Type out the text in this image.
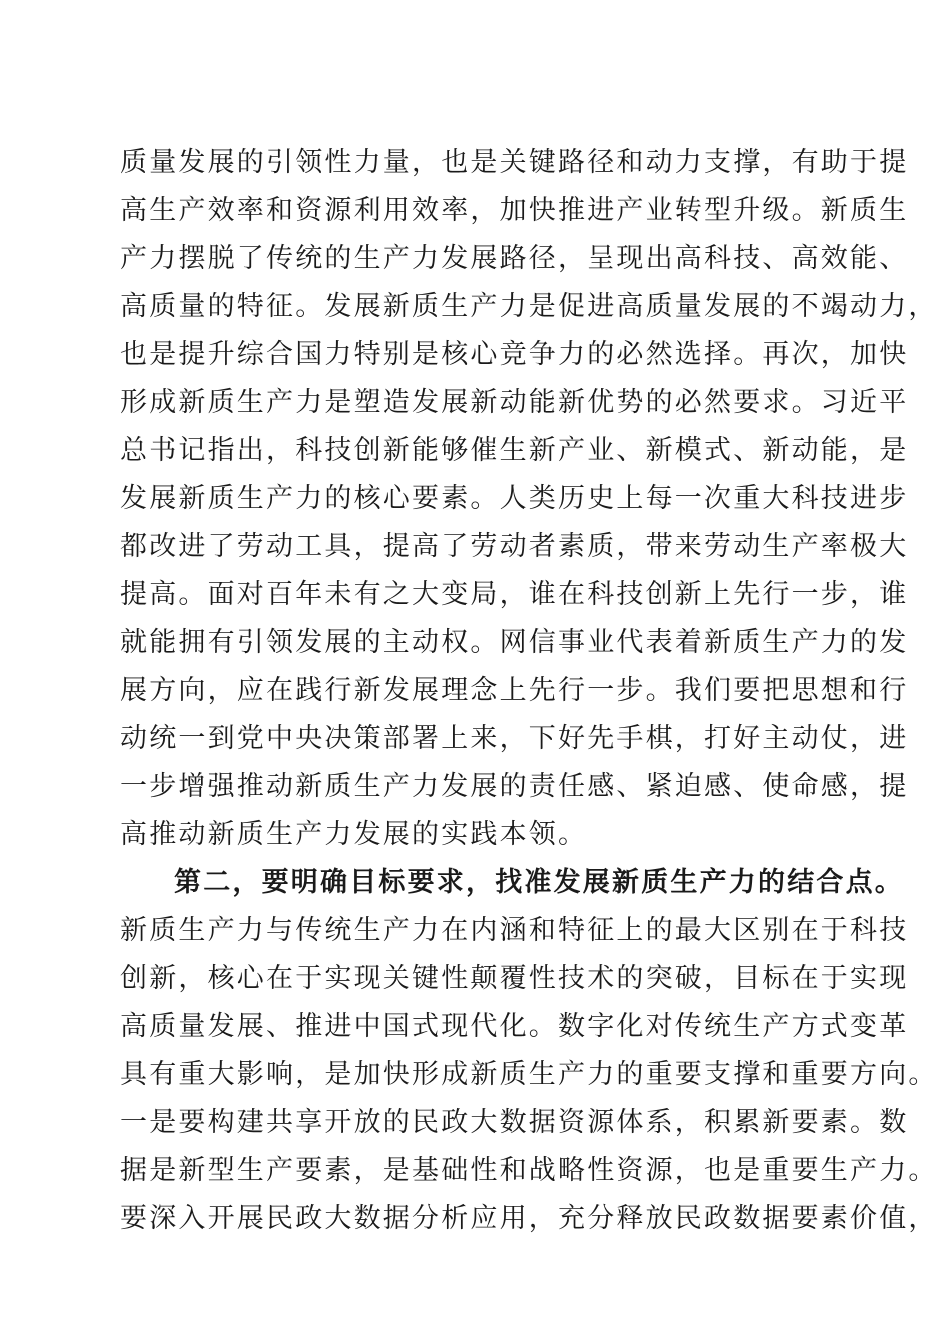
质量发展的引领性力量，也是关键路径和动力支撑，有助于提
高生产效率和资源利用效率，加快推进产业转型升级。新质生
产力摆脱了传统的生产力发展路径，呈现出高科技、高效能、
高质量的特征。发展新质生产力是促进高质量发展的不竭动力，
也是提升综合国力特别是核心竞争力的必然选择。再次，加快
形成新质生产力是塑造发展新动能新优势的必然要求。习近平
总书记指出，科技创新能够催生新产业、新模式、新动能，是
发展新质生产力的核心要素。人类历史上每一次重大科技进步
都改进了劳动工具，提高了劳动者素质，带来劳动生产率极大
提高。面对百年未有之大变局，谁在科技创新上先行一步，谁
就能拥有引领发展的主动权。网信事业代表着新质生产力的发
展方向，应在践行新发展理念上先行一步。我们要把思想和行
动统一到党中央决策部署上来，下好先手棋，打好主动仗，进
一步增强推动新质生产力发展的责任感、紧迫感、使命感，提
高推动新质生产力发展的实践本领。
第二，要明确目标要求，找准发展新质生产力的结合点。
新质生产力与传统生产力在内涵和特征上的最大区别在于科技
创新，核心在于实现关键性颠覆性技术的突破，目标在于实现
高质量发展、推进中国式现代化。数字化对传统生产方式变革
具有重大影响，是加快形成新质生产力的重要支撑和重要方向。
一是要构建共享开放的民政大数据资源体系，积累新要素。数
据是新型生产要素，是基础性和战略性资源，也是重要生产力。
要深入开展民政大数据分析应用，充分释放民政数据要素价值，
